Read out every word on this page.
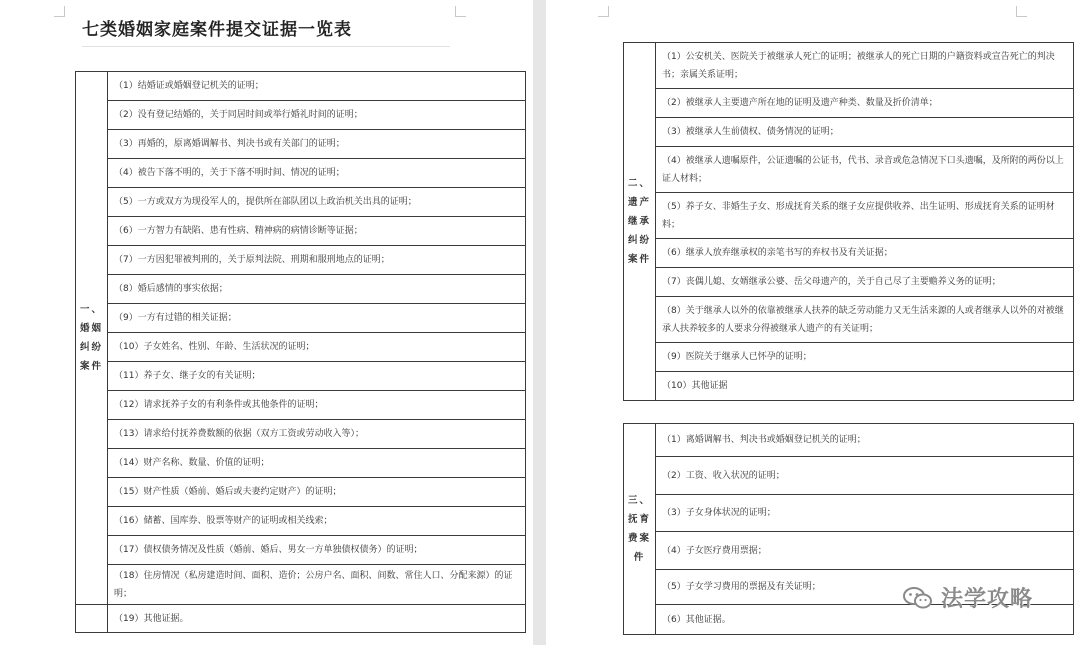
七类婚姻家庭案件提交证据一览表
一、婚姻纠纷案件	（1）结婚证或婚姻登记机关的证明；
	（2）没有登记结婚的，关于同居时间或举行婚礼时间的证明；
	（3）再婚的，原离婚调解书、判决书或有关部门的证明；
	（4）被告下落不明的，关于下落不明时间、情况的证明；
	（5）一方或双方为现役军人的，提供所在部队团以上政治机关出具的证明；
	（6）一方智力有缺陷、患有性病、精神病的病情诊断等证据；
	（7）一方因犯罪被判刑的，关于原判法院、刑期和服刑地点的证明；
	（8）婚后感情的事实依据；
	（9）一方有过错的相关证据；
	（10）子女姓名、性别、年龄、生活状况的证明；
	（11）养子女、继子女的有关证明；
	（12）请求抚养子女的有利条件或其他条件的证明；
	（13）请求给付抚养费数额的依据（双方工资或劳动收入等）；
	（14）财产名称、数量、价值的证明；
	（15）财产性质（婚前、婚后或夫妻约定财产）的证明；
	（16）储蓄、国库券、股票等财产的证明或相关线索；
	（17）债权债务情况及性质（婚前、婚后、男女一方单独债权债务）的证明；
	（18）住房情况（私房建造时间、面积、造价；公房户名、面积、间数、常住人口、分配来源）的证明；
	（19）其他证据。
二、遗产继承纠纷案件	（1）公安机关、医院关于被继承人死亡的证明；被继承人的死亡日期的户籍资料或宣告死亡的判决书；亲属关系证明；
（2）被继承人主要遗产所在地的证明及遗产种类、数量及折价清单；
（3）被继承人生前债权、债务情况的证明；
（4）被继承人遗嘱原件，公证遗嘱的公证书，代书、录音或危急情况下口头遗嘱，及所附的两份以上证人材料；
（5）养子女、非婚生子女、形成抚育关系的继子女应提供收养、出生证明、形成抚育关系的证明材料；
（6）继承人放弃继承权的亲笔书写的弃权书及有关证据；
（7）丧偶儿媳、女婿继承公婆、岳父母遗产的，关于自己尽了主要赡养义务的证明；
（8）关于继承人以外的依靠被继承人扶养的缺乏劳动能力又无生活来源的人或者继承人以外的对被继承人扶养较多的人要求分得被继承人遗产的有关证明；
（9）医院关于继承人已怀孕的证明；
（10）其他证据
三、抚育费案件	（1）离婚调解书、判决书或婚姻登记机关的证明；
（2）工资、收入状况的证明；
（3）子女身体状况的证明；
（4）子女医疗费用票据；
（5）子女学习费用的票据及有关证明；
（6）其他证据。
法学攻略
